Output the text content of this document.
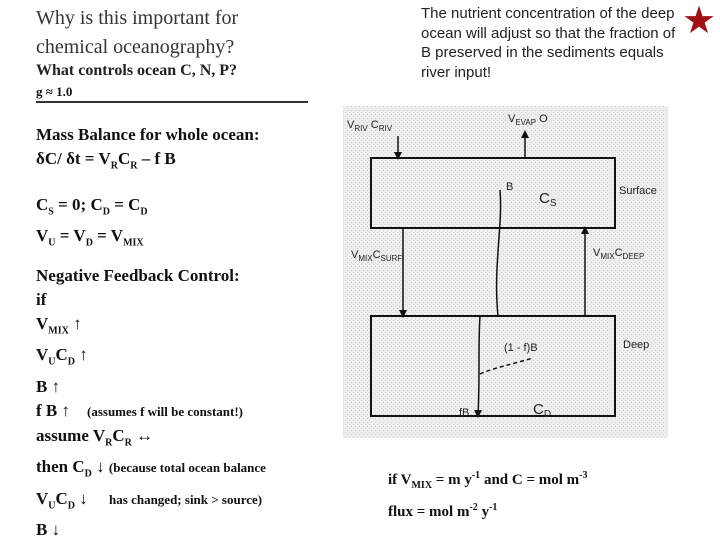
Why is this important for
chemical oceanography?
What controls ocean C, N, P?
g ≈ 1.0
The nutrient concentration of the deep ocean will adjust so that the fraction of B preserved in the sediments equals river input!
★
Mass Balance for whole ocean:
δC/ $\delta t = V_RC_R - f$ B
$C_S = 0$; $C_D = C_D$
$V_U = V_D = V_{MIX}$
Negative Feedback Control:
if
$V_{MIX}$ ↑
$V_UC_D$ ↑
B ↑
f B ↑ (assumes f will be constant!)
assume $V_RC_R$ ↔
then $C_D$ ↓ (because total ocean balance
$V_UC_D$ ↓ has changed; sink > source)
B ↓
$V_{RIV}$ $C_{RIV}$
$V_{EVAP}$ O
B
$C_S$
Surface
$V_{MIX}C_{SURF}$	$V_{MIX}C_{DEEP}$
(1 - f)B	Deep
fB	$C_D$
if $V_{MIX} = m$ $y^{-1}$ and C = mol $m^{-3}$
flux = mol $m^{-2}$ $y^{-1}$
